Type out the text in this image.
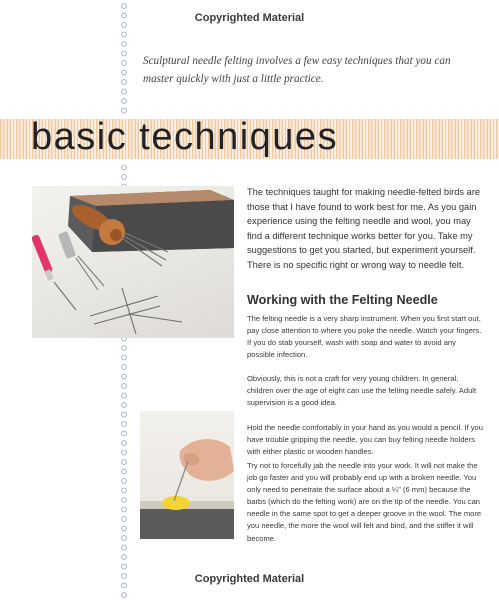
Copyrighted Material

Sculptural needle felting involves a few easy techniques that you can master quickly with just a little practice.

basic techniques

The techniques taught for making needle-felted birds are those that I have found to work best for me. As you gain experience using the felting needle and wool, you may find a different technique works better for you. Take my suggestions to get you started, but experiment yourself. There is no specific right or wrong way to needle felt.

Working with the Felting Needle

The felting needle is a very sharp instrument. When you first start out, pay close attention to where you poke the needle. Watch your fingers. If you do stab yourself, wash with soap and water to avoid any possible infection.

Obviously, this is not a craft for very young children. In general, children over the age of eight can use the felting needle safely. Adult supervision is a good idea.

Hold the needle comfortably in your hand as you would a pencil. If you have trouble gripping the needle, you can buy felting needle holders with either plastic or wooden handles.

Try not to forcefully jab the needle into your work. It will not make the job go faster and you will probably end up with a broken needle. You only need to penetrate the surface about a ¼" (6 mm) because the barbs (which do the felting work) are on the tip of the needle. You can needle in the same spot to get a deeper groove in the wool. The more you needle, the more the wool will felt and bind, and the stiffer it will become.

Copyrighted Material
